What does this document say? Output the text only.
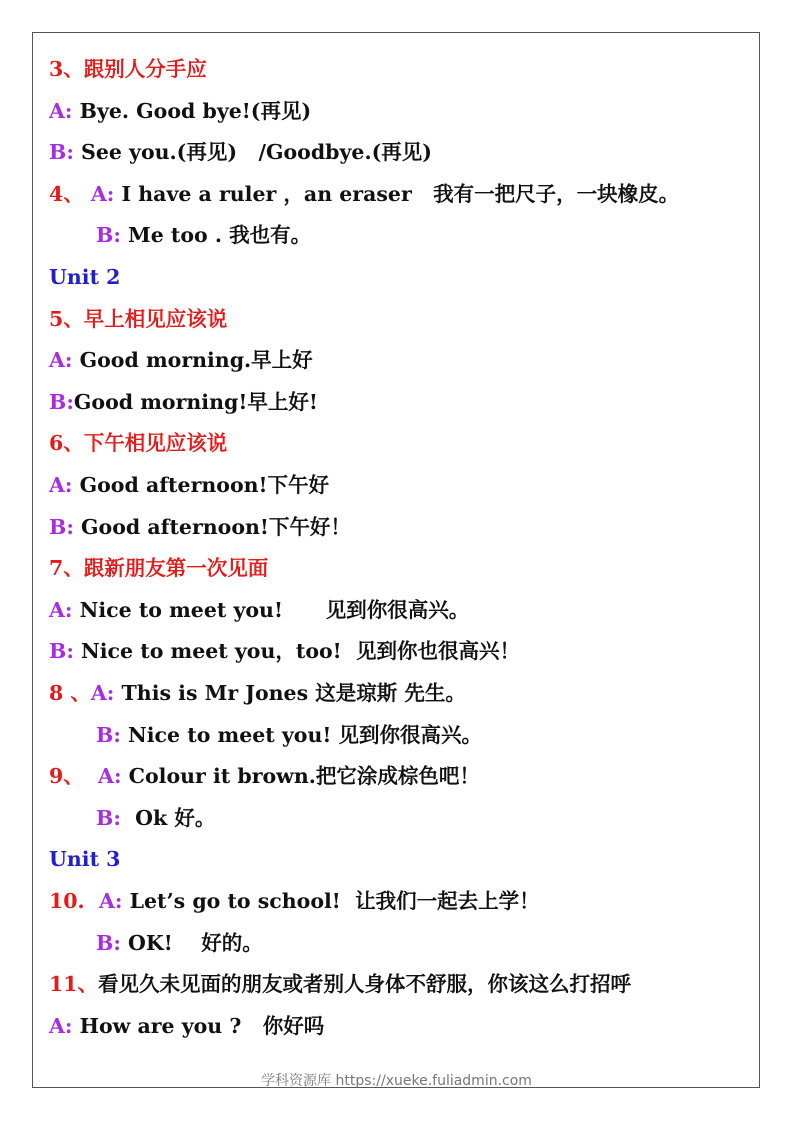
3、跟别人分手应
A: Bye. Good bye!(再见)
B: See you.(再见)   /Goodbye.(再见)
4、 A: I have a ruler ，an eraser   我有一把尺子，一块橡皮。
B: Me too . 我也有。
Unit 2
5、早上相见应该说
A: Good morning.早上好
B:Good morning!早上好!
6、下午相见应该说
A: Good afternoon!下午好
B: Good afternoon!下午好！
7、跟新朋友第一次见面
A: Nice to meet you!      见到你很高兴。
B: Nice to meet you，too!  见到你也很高兴！
8 、A: This is Mr Jones 这是琼斯 先生。
B: Nice to meet you! 见到你很高兴。
9、  A: Colour it brown.把它涂成棕色吧！
B:  Ok 好。
Unit 3
10.  A: Let’s go to school!  让我们一起去上学！
B: OK!    好的。
11、看见久未见面的朋友或者别人身体不舒服，你该这么打招呼
A: How are you ?   你好吗
学科资源库 https://xueke.fuliadmin.com
